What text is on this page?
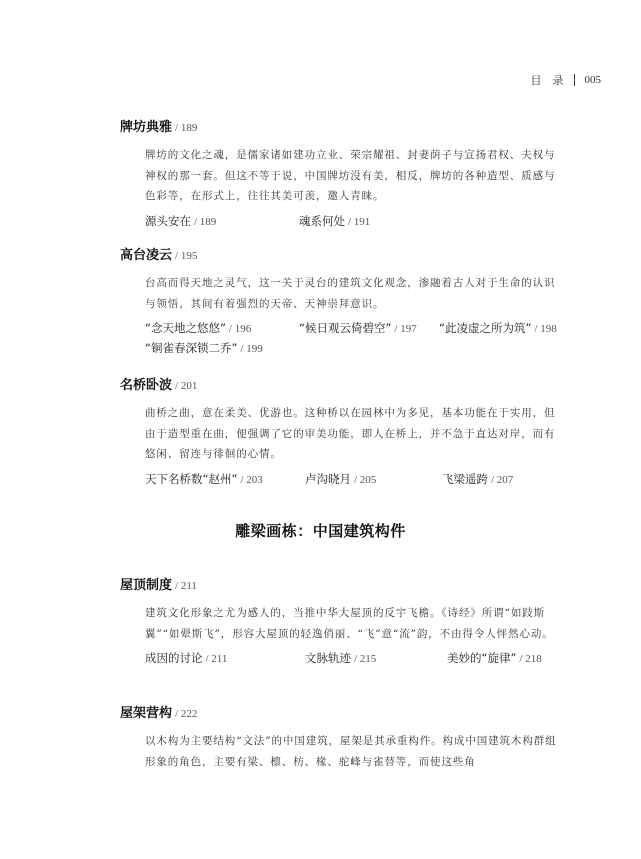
目　录 005
牌坊典雅 / 189
牌坊的文化之魂，是儒家诸如建功立业、荣宗耀祖、封妻荫子与宣扬君权、夫权与神权的那一套。但这不等于说，中国牌坊没有美，相反，牌坊的各种造型、质感与色彩等，在形式上，往往其美可羡，邀人青睐。
源头安在 / 189	魂系何处 / 191
高台凌云 / 195
台高而得天地之灵气，这一关于灵台的建筑文化观念，渗融着古人对于生命的认识与领悟，其间有着强烈的天帝、天神崇拜意识。
“念天地之悠悠” / 196	“候日观云倚碧空” / 197 “此凌虚之所为筑” / 198
“铜雀春深锁二乔” / 199
名桥卧波 / 201
曲桥之曲，意在柔美、优游也。这种桥以在园林中为多见，基本功能在于实用，但由于造型重在曲，便强调了它的审美功能，即人在桥上，并不急于直达对岸，而有悠闲、留连与徘徊的心情。
天下名桥数“赵州” / 203	卢沟晓月 / 205	飞梁遥跨 / 207
雕梁画栋：中国建筑构件
屋顶制度 / 211
建筑文化形象之尤为感人的，当推中华大屋顶的反宇飞檐。《诗经》所谓“如跂斯翼”“如翚斯飞”，形容大屋顶的轻逸俏丽、“飞”意“流”韵，不由得令人怦然心动。
成因的讨论 / 211	文脉轨迹 / 215	美妙的“旋律” / 218
屋架营构 / 222
以木构为主要结构“文法”的中国建筑，屋架是其承重构件。构成中国建筑木构群组形象的角色，主要有梁、檩、枋、椽、驼峰与雀替等，而使这些角
